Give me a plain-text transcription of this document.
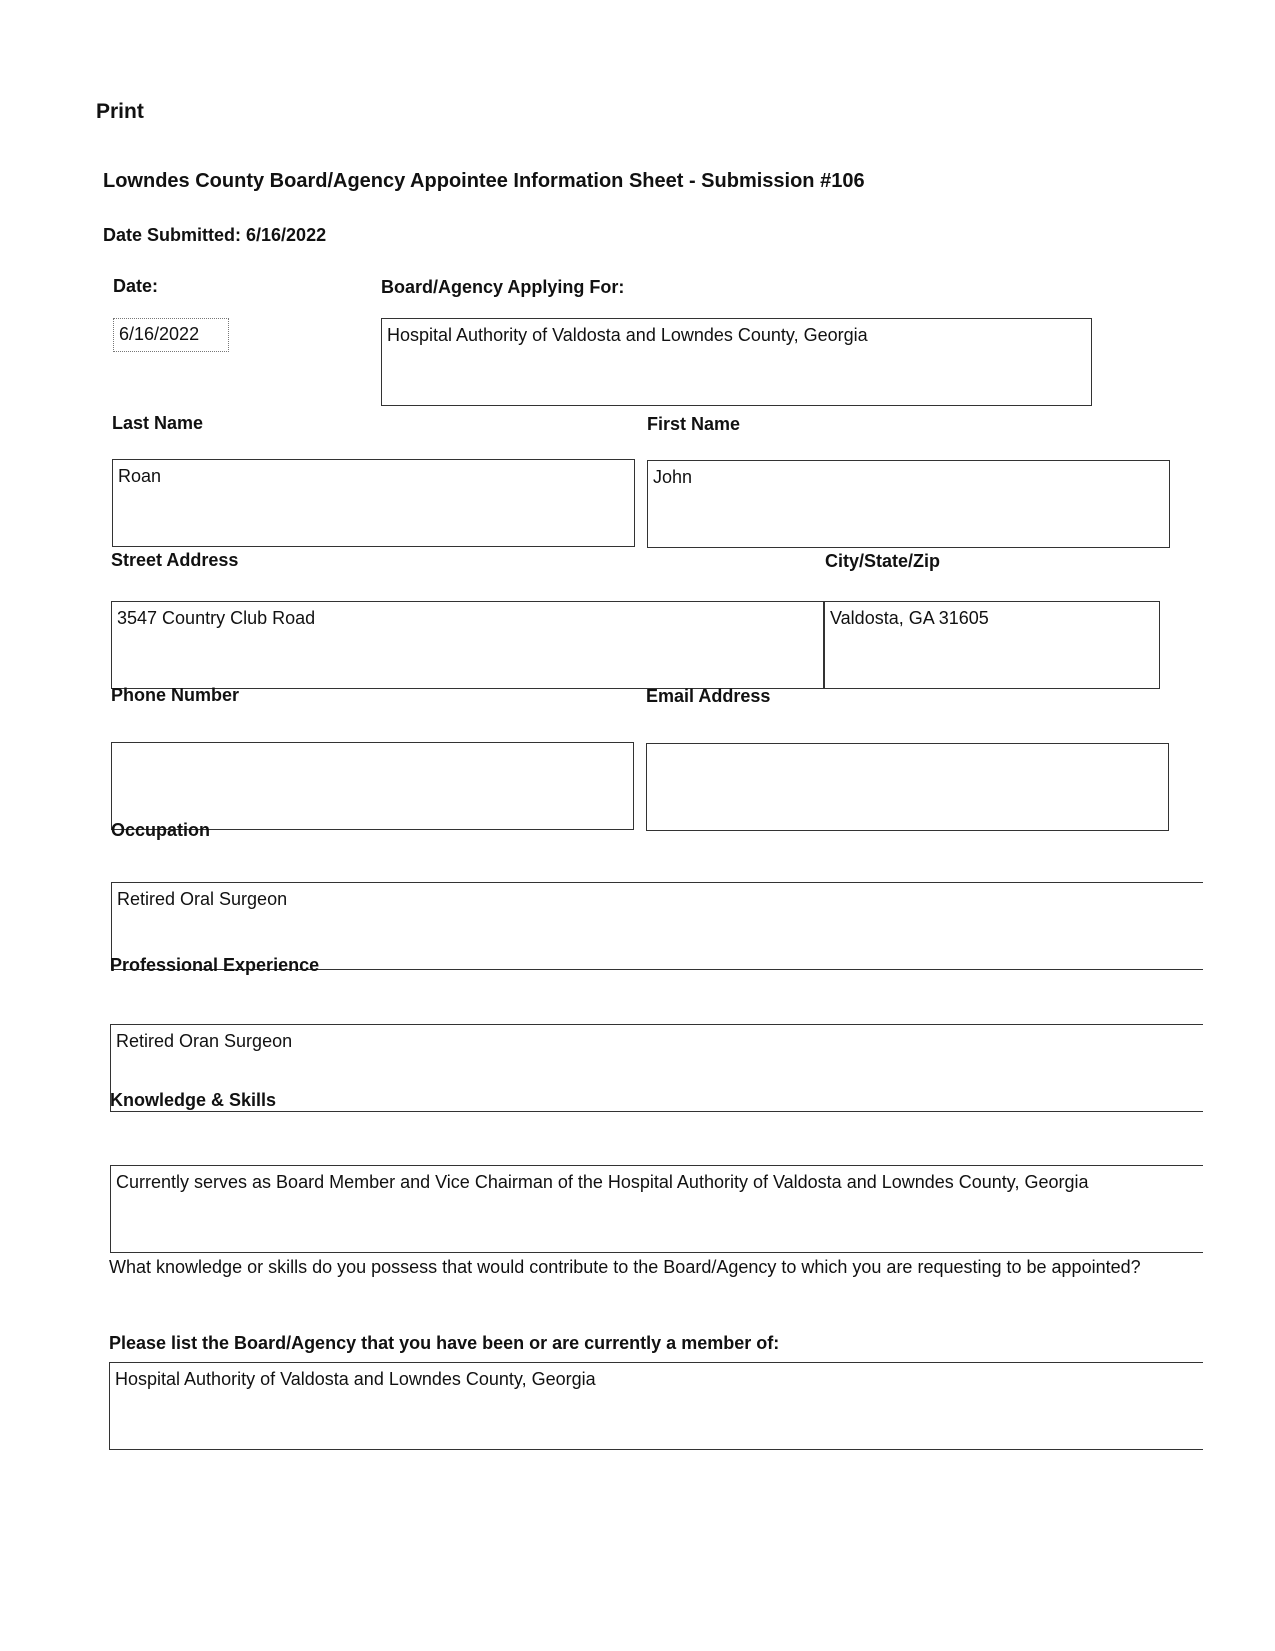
Print
Lowndes County Board/Agency Appointee Information Sheet - Submission #106
Date Submitted: 6/16/2022
Date:
6/16/2022
Board/Agency Applying For:
Hospital Authority of Valdosta and Lowndes County, Georgia
Last Name
Roan
First Name
John
Street Address
3547 Country Club Road
City/State/Zip
Valdosta, GA 31605
Phone Number	Email Address
Occupation
Retired Oral Surgeon
Professional Experience
Retired Oran Surgeon
Knowledge & Skills
Currently serves as Board Member and Vice Chairman of the Hospital Authority of Valdosta and Lowndes County, Georgia
What knowledge or skills do you possess that would contribute to the Board/Agency to which you are requesting to be appointed?
Please list the Board/Agency that you have been or are currently a member of:
Hospital Authority of Valdosta and Lowndes County, Georgia
